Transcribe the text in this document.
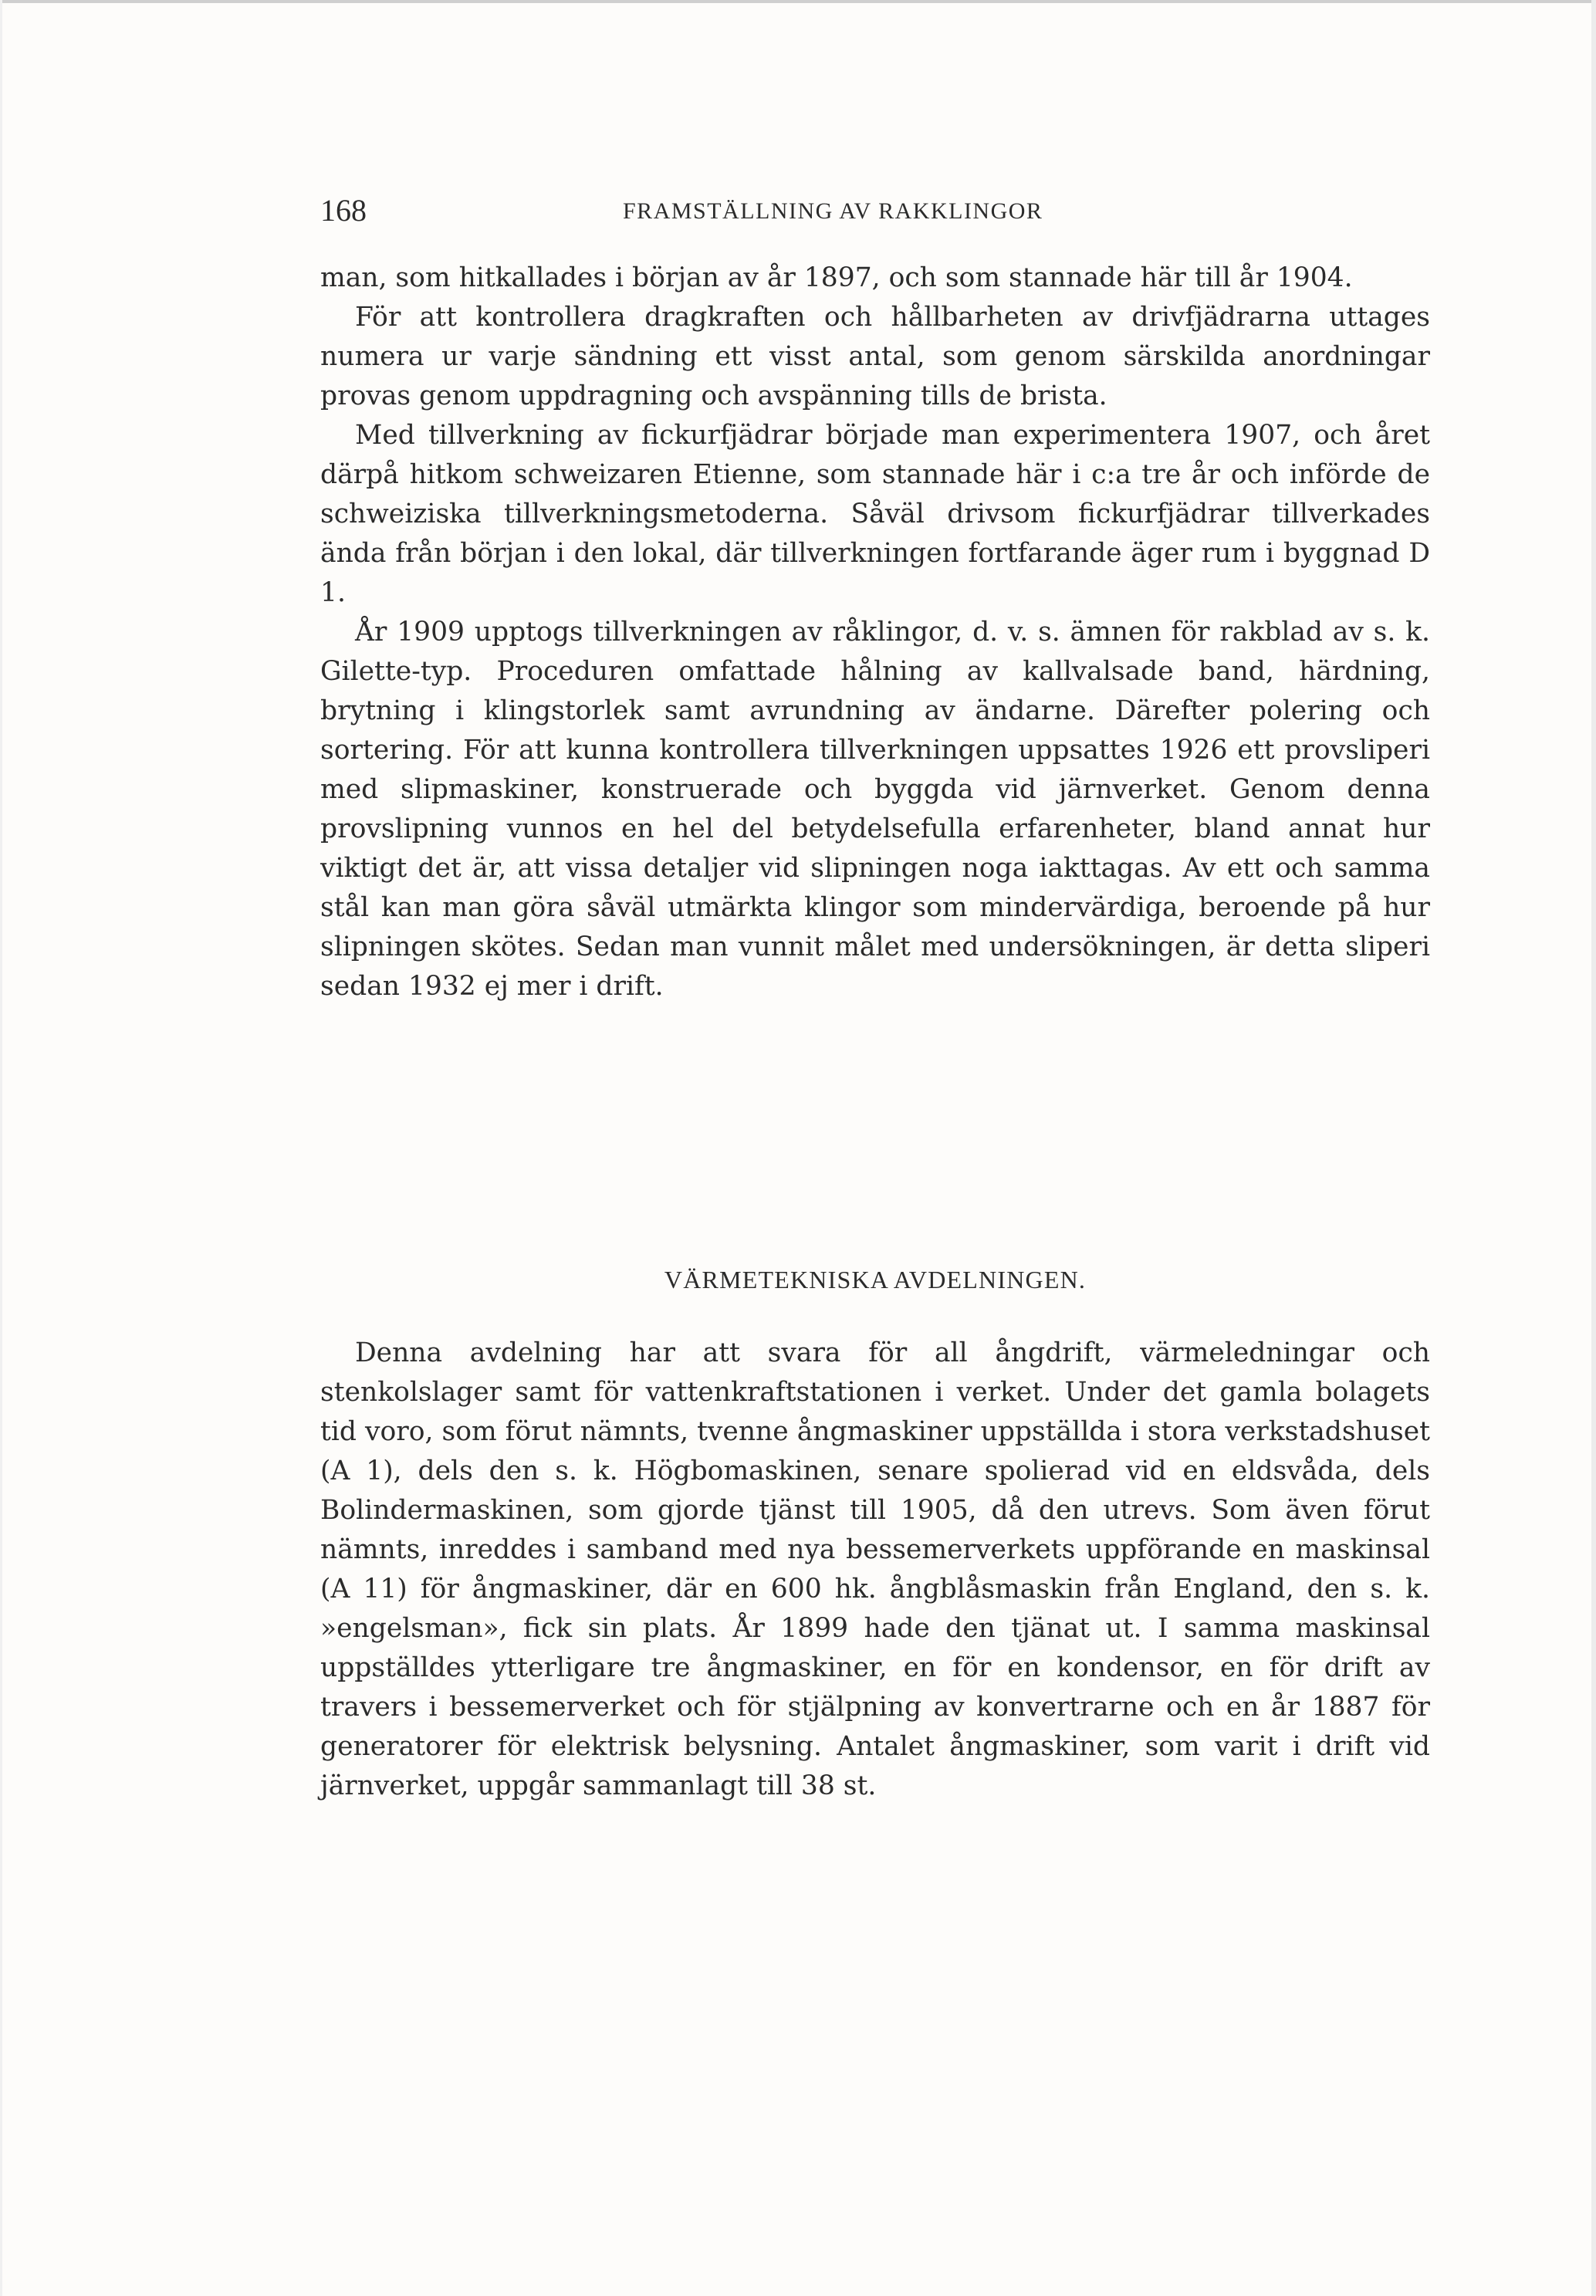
168	FRAMSTÄLLNING AV RAKKLINGOR

man, som hitkallades i början av år 1897, och som stannade här till år 1904.

För att kontrollera dragkraften och hållbarheten av drivfjädrarna uttages numera ur varje sändning ett visst antal, som genom särskilda anordningar provas genom uppdragning och avspänning tills de brista.

Med tillverkning av fickurfjädrar började man experimentera 1907, och året därpå hitkom schweizaren Etienne, som stannade här i c:a tre år och införde de schweiziska tillverkningsmetoderna. Såväl drivsom fickurfjädrar tillverkades ända från början i den lokal, där tillverkningen fortfarande äger rum i byggnad D 1.

År 1909 upptogs tillverkningen av råklingor, d. v. s. ämnen för rakblad av s. k. Gilette-typ. Proceduren omfattade hålning av kallvalsade band, härdning, brytning i klingstorlek samt avrundning av ändarne. Därefter polering och sortering. För att kunna kontrollera tillverkningen uppsattes 1926 ett provsliperi med slipmaskiner, konstruerade och byggda vid järnverket. Genom denna provslipning vunnos en hel del betydelsefulla erfarenheter, bland annat hur viktigt det är, att vissa detaljer vid slipningen noga iakttagas. Av ett och samma stål kan man göra såväl utmärkta klingor som mindervärdiga, beroende på hur slipningen skötes. Sedan man vunnit målet med undersökningen, är detta sliperi sedan 1932 ej mer i drift.

VÄRMETEKNISKA AVDELNINGEN.

Denna avdelning har att svara för all ångdrift, värmeledningar och stenkolslager samt för vattenkraftstationen i verket. Under det gamla bolagets tid voro, som förut nämnts, tvenne ångmaskiner uppställda i stora verkstadshuset (A 1), dels den s. k. Högbomaskinen, senare spolierad vid en eldsvåda, dels Bolindermaskinen, som gjorde tjänst till 1905, då den utrevs. Som även förut nämnts, inreddes i samband med nya bessemerverkets uppförande en maskinsal (A 11) för ångmaskiner, där en 600 hk. ångblåsmaskin från England, den s. k. »engelsman», fick sin plats. År 1899 hade den tjänat ut. I samma maskinsal uppställdes ytterligare tre ångmaskiner, en för en kondensor, en för drift av travers i bessemerverket och för stjälpning av konvertrarne och en år 1887 för generatorer för elektrisk belysning. Antalet ångmaskiner, som varit i drift vid järnverket, uppgår sammanlagt till 38 st.
